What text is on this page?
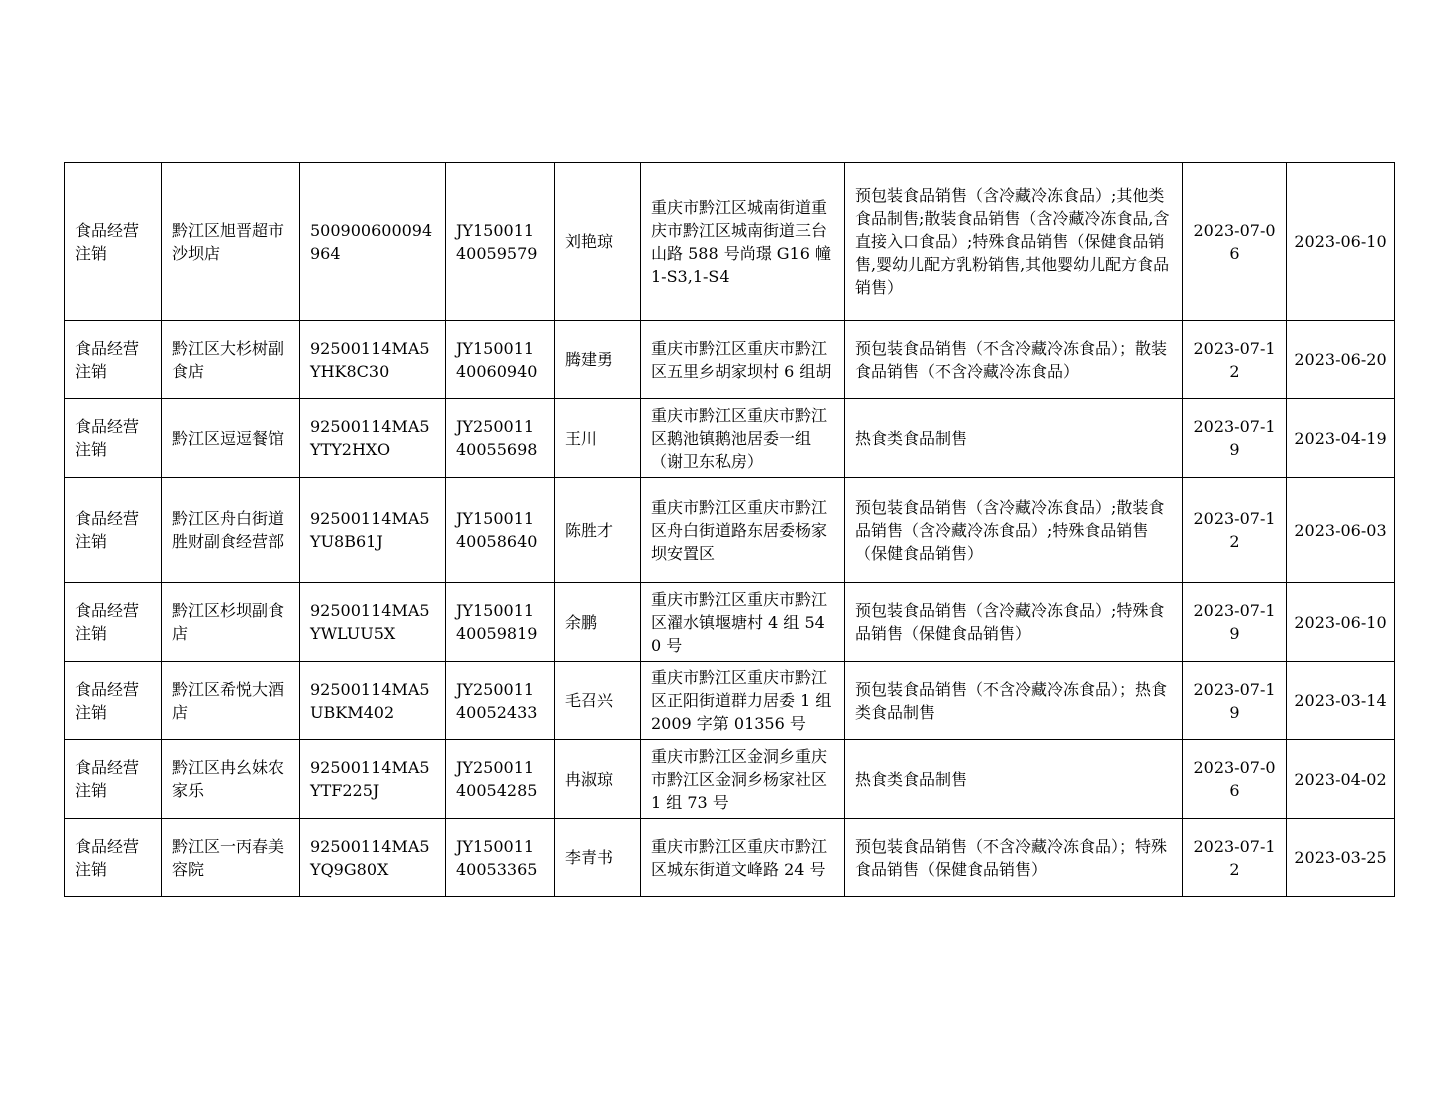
食品经营注销	黔江区旭晋超市沙坝店	500900600094964	JY15001140059579	刘艳琼	重庆市黔江区城南街道重庆市黔江区城南街道三台山路 588 号尚璟 G16 幢 1-S3,1-S4	预包装食品销售（含冷藏冷冻食品）;其他类食品制售;散装食品销售（含冷藏冷冻食品,含直接入口食品）;特殊食品销售（保健食品销售,婴幼儿配方乳粉销售,其他婴幼儿配方食品销售）	2023-07-06	2023-06-10
食品经营注销	黔江区大杉树副食店	92500114MA5YHK8C30	JY15001140060940	腾建勇	重庆市黔江区重庆市黔江区五里乡胡家坝村 6 组胡	预包装食品销售（不含冷藏冷冻食品）；散装食品销售（不含冷藏冷冻食品）	2023-07-12	2023-06-20
食品经营注销	黔江区逗逗餐馆	92500114MA5YTY2HXO	JY25001140055698	王川	重庆市黔江区重庆市黔江区鹅池镇鹅池居委一组（谢卫东私房）	热食类食品制售	2023-07-19	2023-04-19
食品经营注销	黔江区舟白街道胜财副食经营部	92500114MA5YU8B61J	JY15001140058640	陈胜才	重庆市黔江区重庆市黔江区舟白街道路东居委杨家坝安置区	预包装食品销售（含冷藏冷冻食品）;散装食品销售（含冷藏冷冻食品）;特殊食品销售（保健食品销售）	2023-07-12	2023-06-03
食品经营注销	黔江区杉坝副食店	92500114MA5YWLUU5X	JY15001140059819	余鹏	重庆市黔江区重庆市黔江区濯水镇堰塘村 4 组 540 号	预包装食品销售（含冷藏冷冻食品）;特殊食品销售（保健食品销售）	2023-07-19	2023-06-10
食品经营注销	黔江区希悦大酒店	92500114MA5UBKM402	JY25001140052433	毛召兴	重庆市黔江区重庆市黔江区正阳街道群力居委 1 组 2009 字第 01356 号	预包装食品销售（不含冷藏冷冻食品）；热食类食品制售	2023-07-19	2023-03-14
食品经营注销	黔江区冉幺妹农家乐	92500114MA5YTF225J	JY25001140054285	冉淑琼	重庆市黔江区金洞乡重庆市黔江区金洞乡杨家社区 1 组 73 号	热食类食品制售	2023-07-06	2023-04-02
食品经营注销	黔江区一丙春美容院	92500114MA5YQ9G80X	JY15001140053365	李青书	重庆市黔江区重庆市黔江区城东街道文峰路 24 号	预包装食品销售（不含冷藏冷冻食品）；特殊食品销售（保健食品销售）	2023-07-12	2023-03-25
